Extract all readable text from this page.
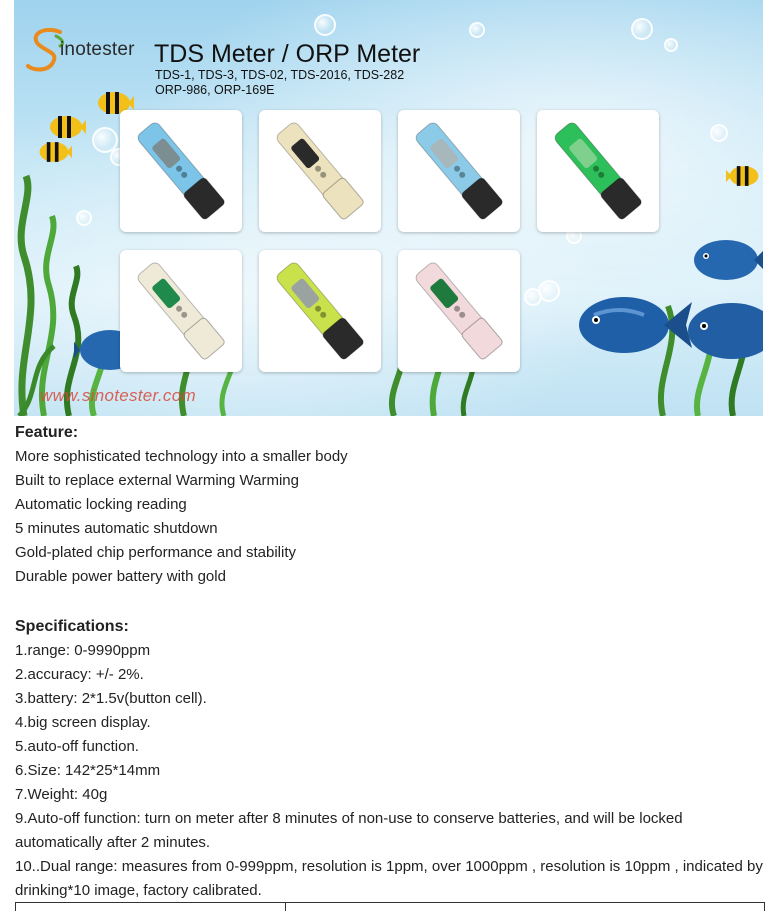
inotester TDS Meter / ORP Meter
TDS-1, TDS-3, TDS-02, TDS-2016, TDS-282
ORP-986, ORP-169E
www.sinotester.com
Feature:
More sophisticated technology into a smaller body
Built to replace external Warming Warming
Automatic locking reading
5 minutes automatic shutdown
Gold-plated chip performance and stability
Durable power battery with gold
Specifications:
1.range: 0-9990ppm
2.accuracy: +/- 2%.
3.battery: 2*1.5v(button cell).
4.big screen display.
5.auto-off function.
6.Size: 142*25*14mm
7.Weight: 40g
9.Auto-off function: turn on meter after 8 minutes of non-use to conserve batteries, and will be locked automatically after 2 minutes.
10..Dual range: measures from 0-999ppm, resolution is 1ppm, over 1000ppm , resolution is 10ppm , indicated by drinking*10 image, factory calibrated.
